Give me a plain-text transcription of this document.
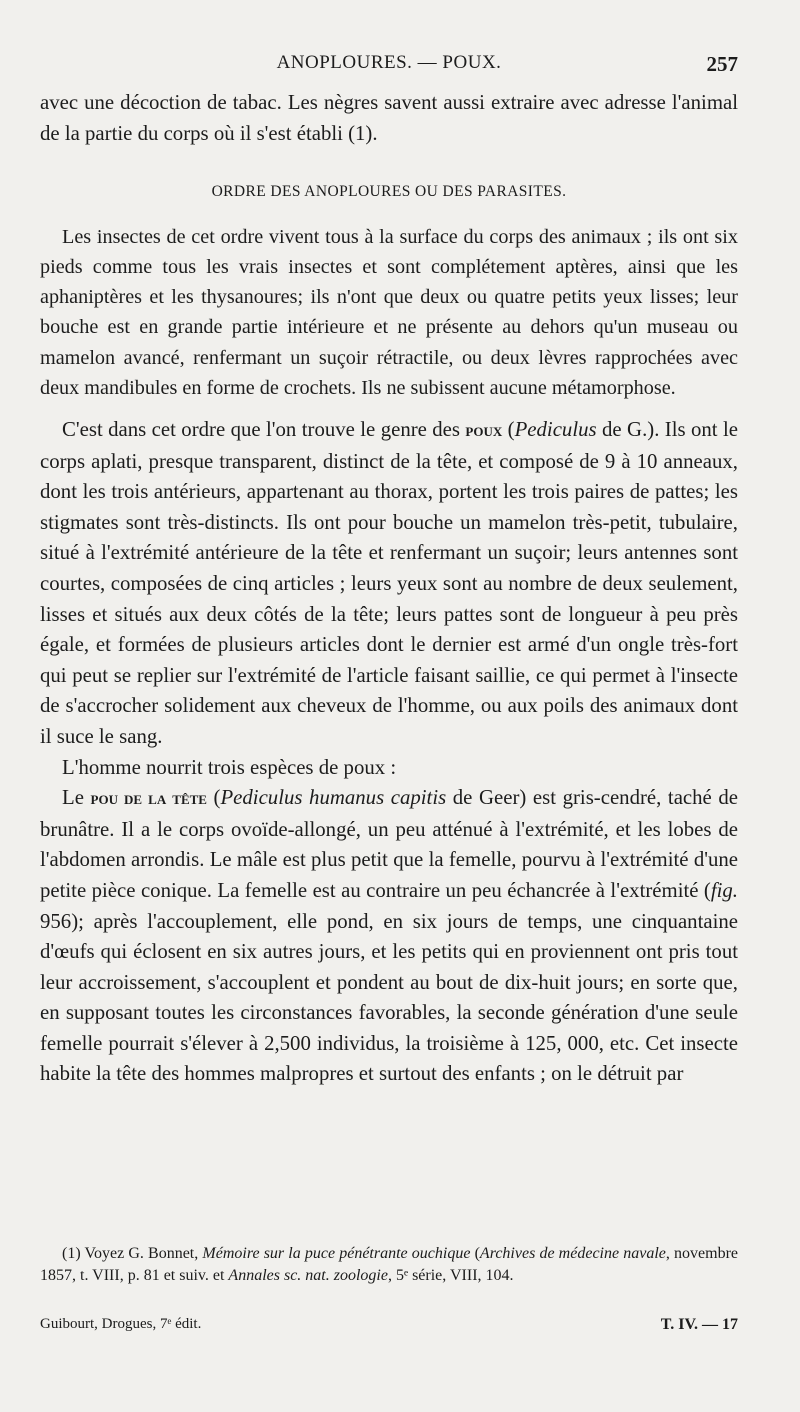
ANOPLOURES. — POUX.	257

avec une décoction de tabac. Les nègres savent aussi extraire avec adresse l'animal de la partie du corps où il s'est établi (1).

ORDRE DES ANOPLOURES OU DES PARASITES.

Les insectes de cet ordre vivent tous à la surface du corps des animaux ; ils ont six pieds comme tous les vrais insectes et sont complétement aptères, ainsi que les aphaniptères et les thysanoures; ils n'ont que deux ou quatre petits yeux lisses; leur bouche est en grande partie intérieure et ne présente au dehors qu'un museau ou mamelon avancé, renfermant un suçoir rétractile, ou deux lèvres rapprochées avec deux mandibules en forme de crochets. Ils ne subissent aucune métamorphose.

C'est dans cet ordre que l'on trouve le genre des poux (Pediculus de G.). Ils ont le corps aplati, presque transparent, distinct de la tête, et composé de 9 à 10 anneaux, dont les trois antérieurs, appartenant au thorax, portent les trois paires de pattes; les stigmates sont très-distincts. Ils ont pour bouche un mamelon très-petit, tubulaire, situé à l'extrémité antérieure de la tête et renfermant un suçoir; leurs antennes sont courtes, composées de cinq articles ; leurs yeux sont au nombre de deux seulement, lisses et situés aux deux côtés de la tête; leurs pattes sont de longueur à peu près égale, et formées de plusieurs articles dont le dernier est armé d'un ongle très-fort qui peut se replier sur l'extrémité de l'article faisant saillie, ce qui permet à l'insecte de s'accrocher solidement aux cheveux de l'homme, ou aux poils des animaux dont il suce le sang.

L'homme nourrit trois espèces de poux :

Le pou de la tête (Pediculus humanus capitis de Geer) est gris-cendré, taché de brunâtre. Il a le corps ovoïde-allongé, un peu atténué à l'extrémité, et les lobes de l'abdomen arrondis. Le mâle est plus petit que la femelle, pourvu à l'extrémité d'une petite pièce conique. La femelle est au contraire un peu échancrée à l'extrémité (fig. 956); après l'accouplement, elle pond, en six jours de temps, une cinquantaine d'œufs qui éclosent en six autres jours, et les petits qui en proviennent ont pris tout leur accroissement, s'accouplent et pondent au bout de dix-huit jours; en sorte que, en supposant toutes les circonstances favorables, la seconde génération d'une seule femelle pourrait s'élever à 2,500 individus, la troisième à 125, 000, etc. Cet insecte habite la tête des hommes malpropres et surtout des enfants ; on le détruit par

(1) Voyez G. Bonnet, Mémoire sur la puce pénétrante ouchique (Archives de médecine navale, novembre 1857, t. VIII, p. 81 et suiv. et Annales sc. nat. zoologie, 5ᵉ série, VIII, 104.

Guibourt, Drogues, 7ᵉ édit.	T. IV. — 17
